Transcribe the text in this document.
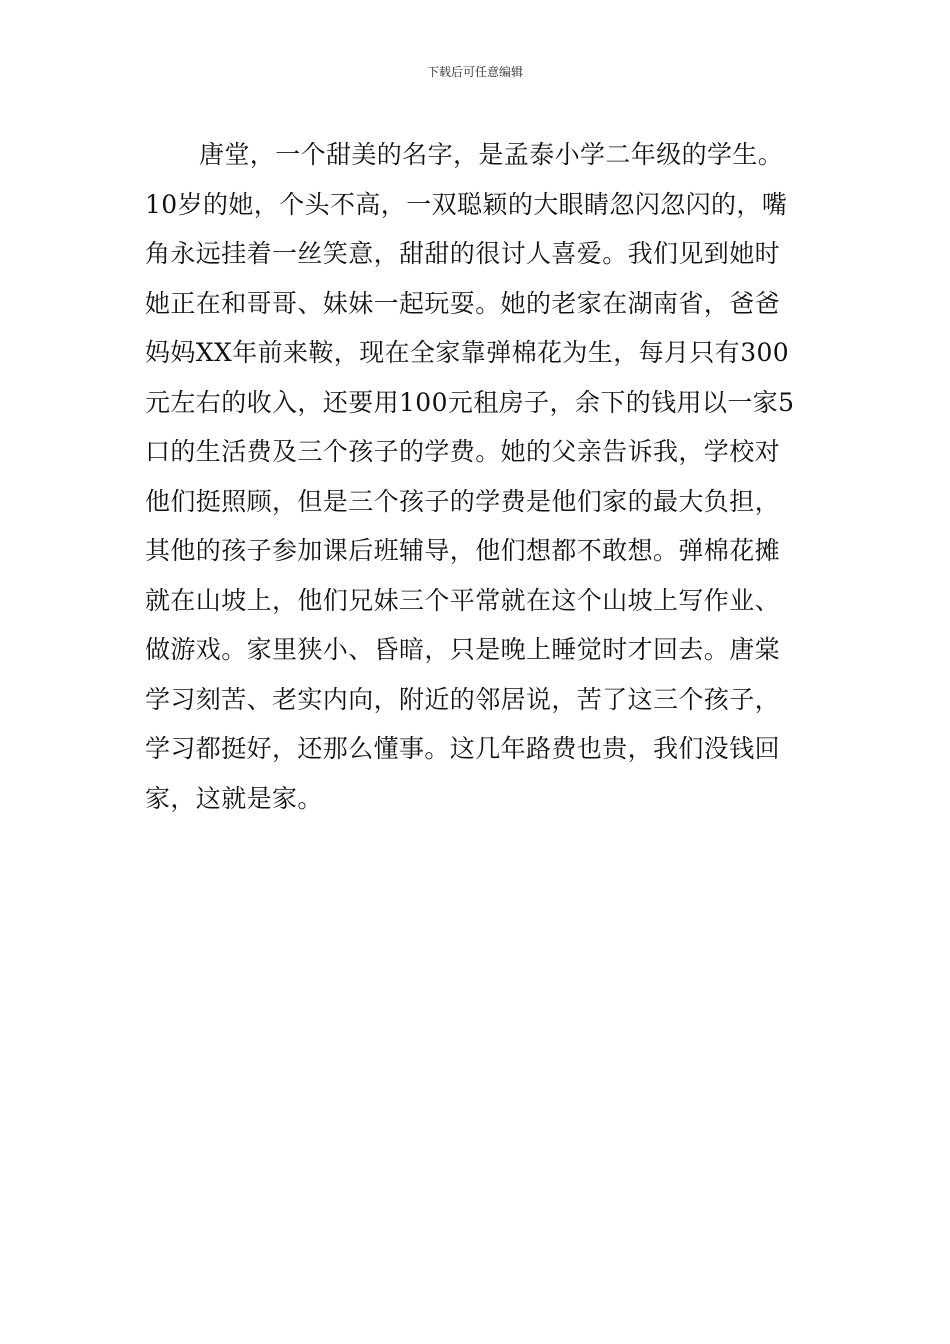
下载后可任意编辑
唐堂，一个甜美的名字，是孟泰小学二年级的学生。
10岁的她，个头不高，一双聪颖的大眼睛忽闪忽闪的，嘴
角永远挂着一丝笑意，甜甜的很讨人喜爱。我们见到她时
她正在和哥哥、妹妹一起玩耍。她的老家在湖南省，爸爸
妈妈XX年前来鞍，现在全家靠弹棉花为生，每月只有300
元左右的收入，还要用100元租房子，余下的钱用以一家5
口的生活费及三个孩子的学费。她的父亲告诉我，学校对
他们挺照顾，但是三个孩子的学费是他们家的最大负担，
其他的孩子参加课后班辅导，他们想都不敢想。弹棉花摊
就在山坡上，他们兄妹三个平常就在这个山坡上写作业、
做游戏。家里狭小、昏暗，只是晚上睡觉时才回去。唐棠
学习刻苦、老实内向，附近的邻居说，苦了这三个孩子，
学习都挺好，还那么懂事。这几年路费也贵，我们没钱回
家，这就是家。
